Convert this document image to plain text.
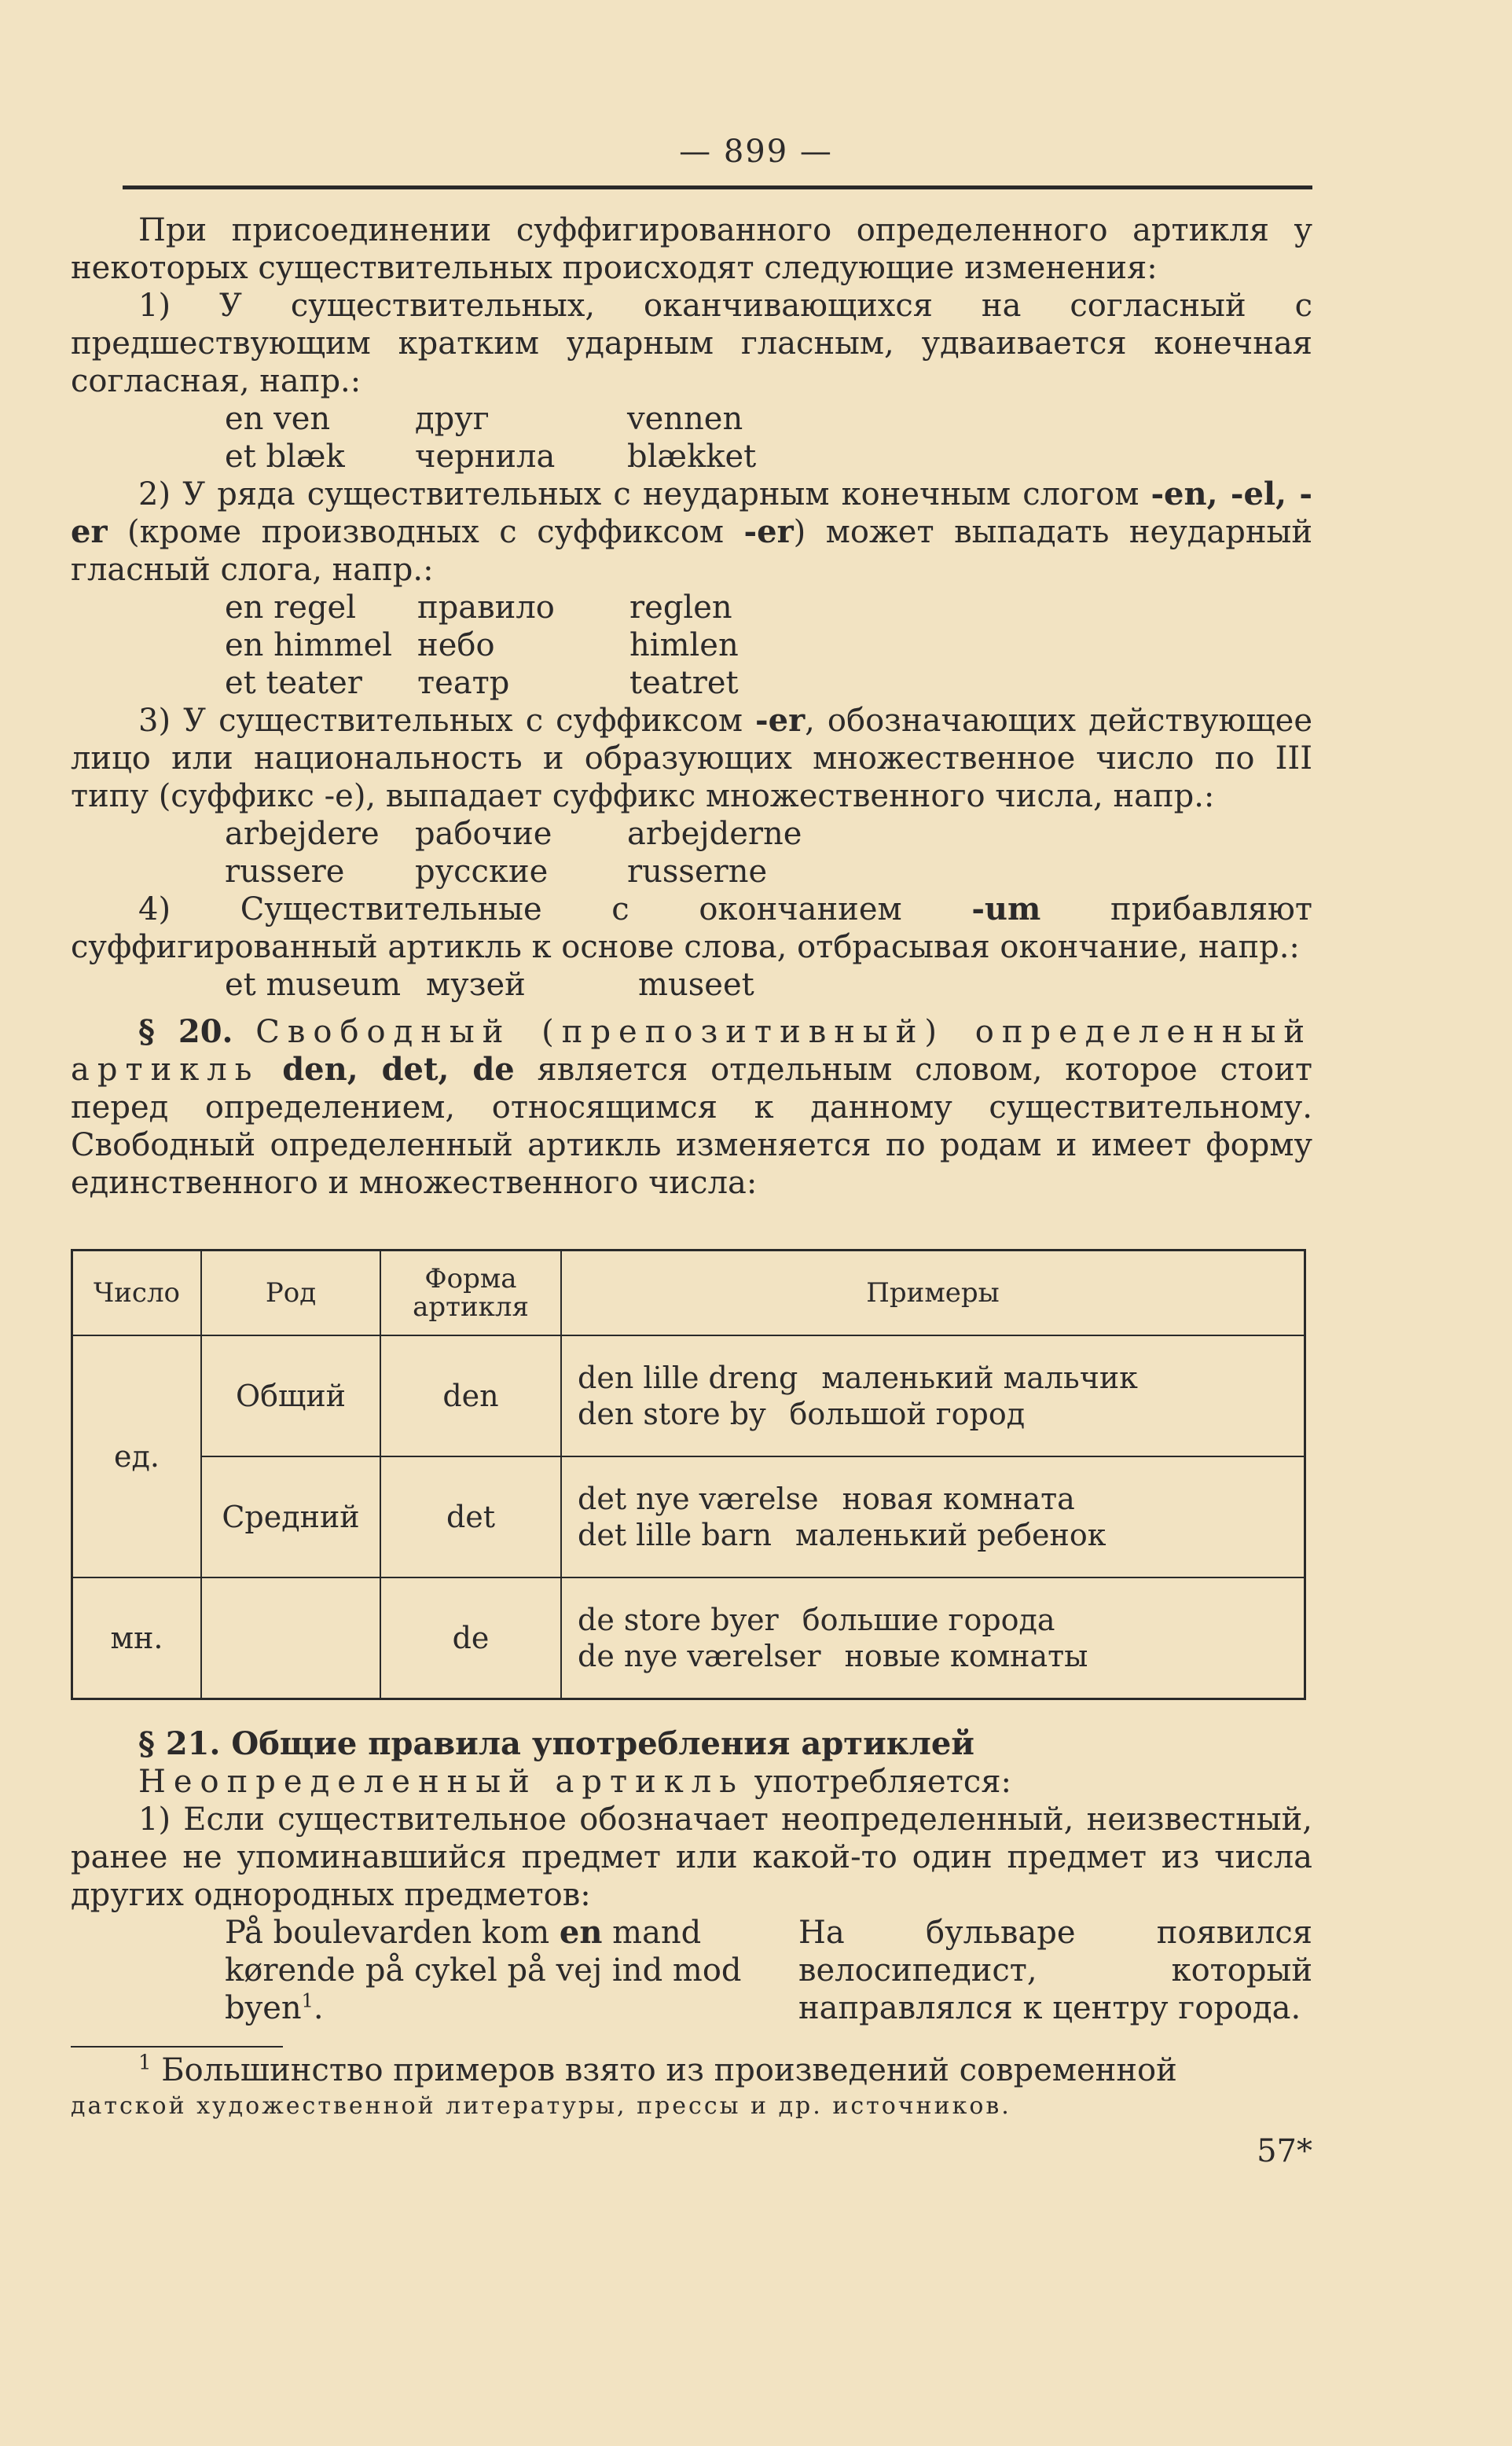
— 899 —

При присоединении суффигированного определенного артикля у некоторых существительных происходят следующие изменения:

1) У существительных, оканчивающихся на согласный с предшествующим кратким ударным гласным, удваивается конечная согласная, напр.:

en ven	друг	vennen
et blæk	чернила	blækket

2) У ряда существительных с неударным конечным слогом -en, -el, -er (кроме производных с суффиксом -er) может выпадать неударный гласный слога, напр.:

en regel	правило	reglen
en himmel	небо	himlen
et teater	театр	teatret

3) У существительных с суффиксом -er, обозначающих действующее лицо или национальность и образующих множественное число по III типу (суффикс -е), выпадает суффикс множественного числа, напр.:

arbejdere	рабочие	arbejderne
russere	русские	russerne

4) Существительные с окончанием -um прибавляют суффигированный артикль к основе слова, отбрасывая окончание, напр.:

et museum	музей	museet

§ 20. Свободный (препозитивный) определенный артикль den, det, de является отдельным словом, которое стоит перед определением, относящимся к данному существительному. Свободный определенный артикль изменяется по родам и имеет форму единственного и множественного числа:

Число	Род	Форма артикля	Примеры
ед.	Общий	den	den lille dreng маленький мальчик
den store by большой город

	Средний	det	det nye værelse новая комната
det lille barn маленький ребенок

мн.		de	de store byer большие города
de nye værelser новые комнаты

§ 21. Общие правила употребления артиклей

Неопределенный артикль употребляется:

1) Если существительное обозначает неопределенный, неизвестный, ранее не упоминавшийся предмет или какой-то один предмет из числа других однородных предметов:

På boulevarden kom en mand kørende på cykel på vej ind mod byen$^1$.
На бульваре появился велосипедист, который направлялся к центру города.
$^1$ Большинство примеров взято из произведений современной
датской художественной литературы, прессы и др. источников.
57*
